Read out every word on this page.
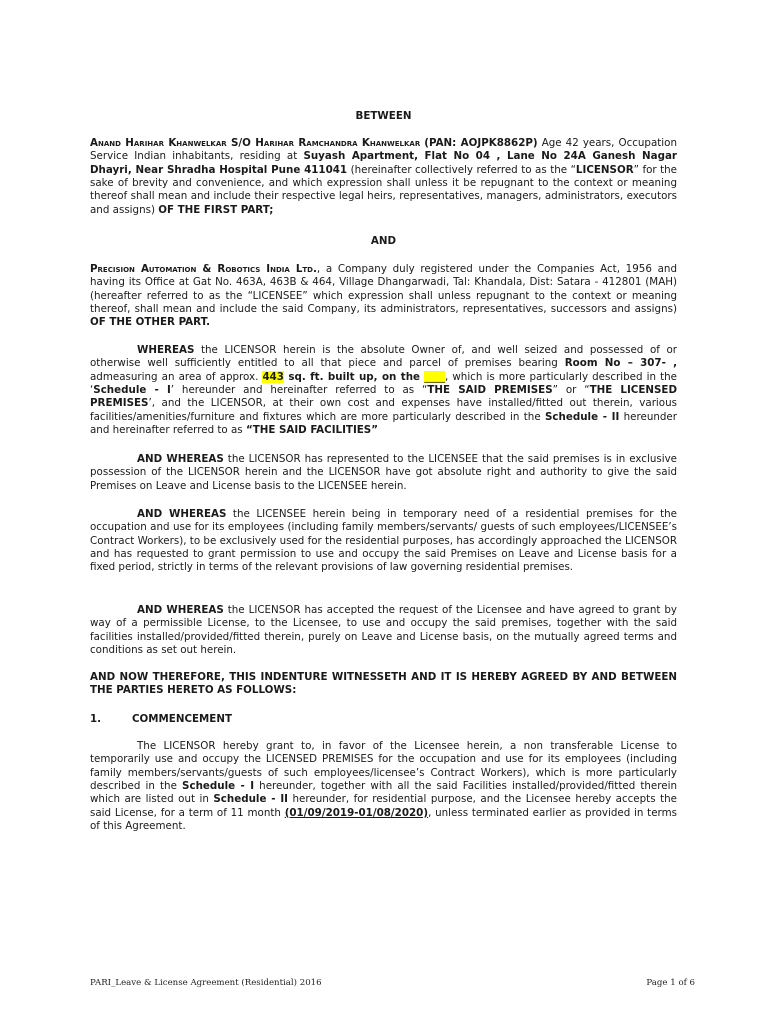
BETWEEN

Anand Harihar Khanwelkar S/O Harihar Ramchandra Khanwelkar (PAN: AOJPK8862P) Age 42 years, Occupation Service Indian inhabitants, residing at Suyash Apartment, Flat No 04 , Lane No 24A Ganesh Nagar Dhayri, Near Shradha Hospital Pune 411041 (hereinafter collectively referred to as the “LICENSOR” for the sake of brevity and convenience, and which expression shall unless it be repugnant to the context or meaning thereof shall mean and include their respective legal heirs, representatives, managers, administrators, executors and assigns) OF THE FIRST PART;

AND

Precision Automation & Robotics India Ltd., a Company duly registered under the Companies Act, 1956 and having its Office at Gat No. 463A, 463B & 464, Village Dhangarwadi, Tal: Khandala, Dist: Satara - 412801 (MAH) (hereafter referred to as the “LICENSEE” which expression shall unless repugnant to the context or meaning thereof, shall mean and include the said Company, its administrators, representatives, successors and assigns) OF THE OTHER PART.

WHEREAS the LICENSOR herein is the absolute Owner of, and well seized and possessed of or otherwise well sufficiently entitled to all that piece and parcel of premises bearing Room No – 307- , admeasuring an area of approx. 443 sq. ft. built up, on the ____, which is more particularly described in the ‘Schedule - I’ hereunder and hereinafter referred to as “THE SAID PREMISES” or “THE LICENSED PREMISES’, and the LICENSOR, at their own cost and expenses have installed/fitted out therein, various facilities/amenities/furniture and fixtures which are more particularly described in the Schedule - II hereunder and hereinafter referred to as “THE SAID FACILITIES”

AND WHEREAS the LICENSOR has represented to the LICENSEE that the said premises is in exclusive possession of the LICENSOR herein and the LICENSOR have got absolute right and authority to give the said Premises on Leave and License basis to the LICENSEE herein.

AND WHEREAS the LICENSEE herein being in temporary need of a residential premises for the occupation and use for its employees (including family members/servants/ guests of such employees/LICENSEE’s Contract Workers), to be exclusively used for the residential purposes, has accordingly approached the LICENSOR and has requested to grant permission to use and occupy the said Premises on Leave and License basis for a fixed period, strictly in terms of the relevant provisions of law governing residential premises.

AND WHEREAS the LICENSOR has accepted the request of the Licensee and have agreed to grant by way of a permissible License, to the Licensee, to use and occupy the said premises, together with the said facilities installed/provided/fitted therein, purely on Leave and License basis, on the mutually agreed terms and conditions as set out herein.

AND NOW THEREFORE, THIS INDENTURE WITNESSETH AND IT IS HEREBY AGREED BY AND BETWEEN THE PARTIES HERETO AS FOLLOWS:

1.	COMMENCEMENT

The LICENSOR hereby grant to, in favor of the Licensee herein, a non transferable License to temporarily use and occupy the LICENSED PREMISES for the occupation and use for its employees (including family members/servants/guests of such employees/licensee’s Contract Workers), which is more particularly described in the Schedule - I hereunder, together with all the said Facilities installed/provided/fitted therein which are listed out in Schedule - II hereunder, for residential purpose, and the Licensee hereby accepts the said License, for a term of 11 month (01/09/2019-01/08/2020), unless terminated earlier as provided in terms of this Agreement.

PARI_Leave & License Agreement (Residential) 2016	Page 1 of 6
